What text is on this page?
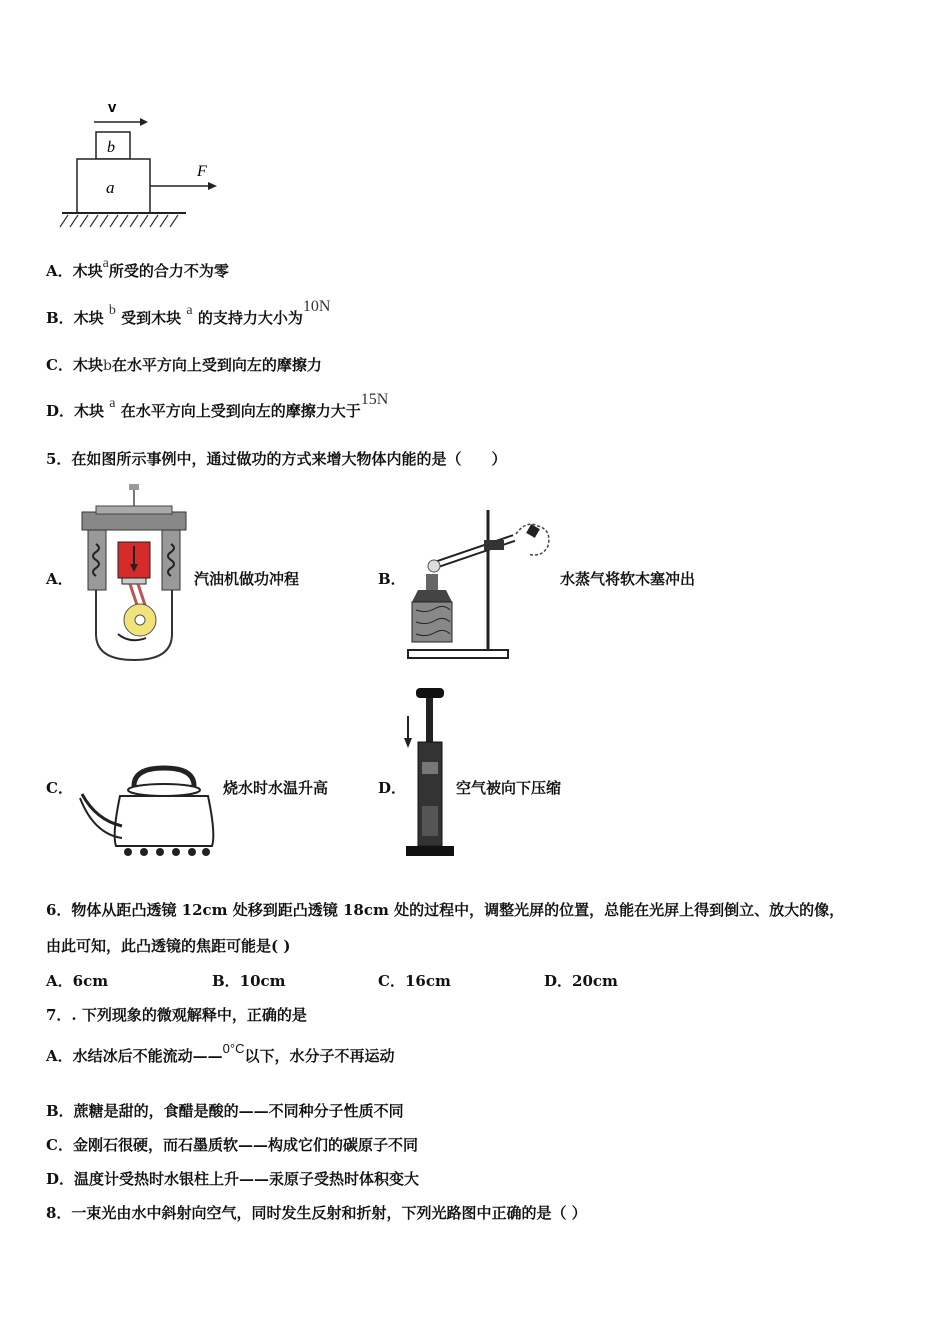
v
b
a
F
A．木块a所受的合力不为零
B．木块 b 受到木块 a 的支持力大小为10N
C．木块b在水平方向上受到向左的摩擦力
D．木块 a 在水平方向上受到向左的摩擦力大于15N
5．在如图所示事例中，通过做功的方式来增大物体内能的是（　　）
A．	汽油机做功冲程	B．	水蒸气将软木塞冲出
C．	烧水时水温升高	D．	空气被向下压缩
6．物体从距凸透镜 12cm 处移到距凸透镜 18cm 处的过程中，调整光屏的位置，总能在光屏上得到倒立、放大的像，
由此可知，此凸透镜的焦距可能是( )
A．6cm	B．10cm	C．16cm	D．20cm
7．. 下列现象的微观解释中，正确的是
A．水结冰后不能流动——0°C以下，水分子不再运动
B．蔗糖是甜的，食醋是酸的——不同种分子性质不同
C．金刚石很硬，而石墨质软——构成它们的碳原子不同
D．温度计受热时水银柱上升——汞原子受热时体积变大
8．一束光由水中斜射向空气，同时发生反射和折射，下列光路图中正确的是（ ）
